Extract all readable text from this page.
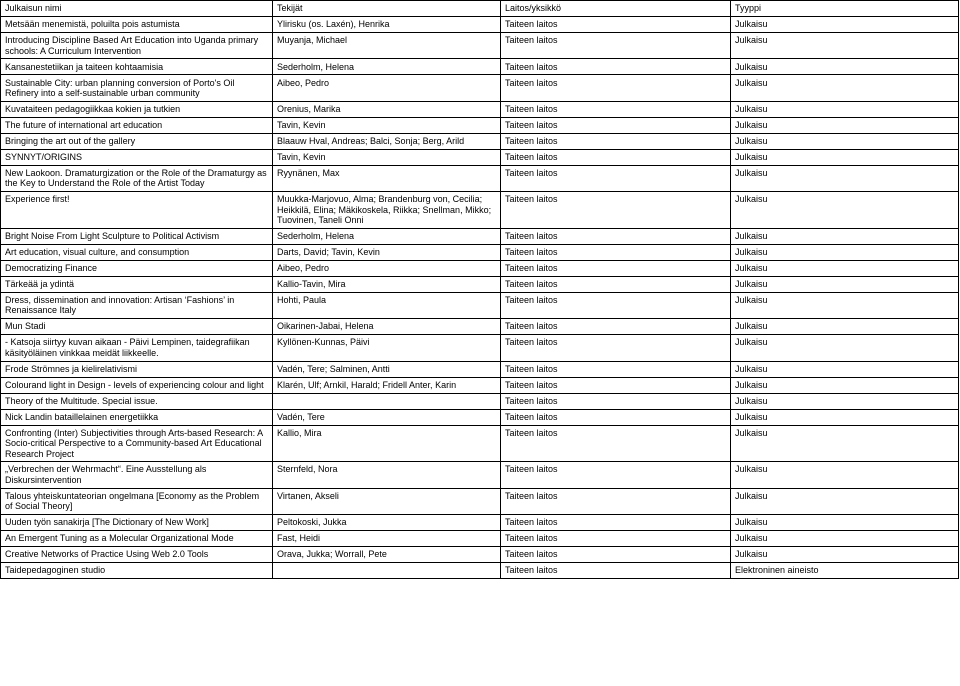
Julkaisun nimi	Tekijät	Laitos/yksikkö	Tyyppi
Metsään menemistä, poluilta pois astumista	Ylirisku (os. Laxén), Henrika	Taiteen laitos	Julkaisu
Introducing Discipline Based Art Education into Uganda primary schools: A Curriculum Intervention	Muyanja, Michael	Taiteen laitos	Julkaisu
Kansanestetiikan ja taiteen kohtaamisia	Sederholm, Helena	Taiteen laitos	Julkaisu
Sustainable City: urban planning conversion of Porto's Oil Refinery into a self-sustainable urban community	Aibeo, Pedro	Taiteen laitos	Julkaisu
Kuvataiteen pedagogiikkaa kokien ja tutkien	Orenius, Marika	Taiteen laitos	Julkaisu
The future of international art education	Tavin, Kevin	Taiteen laitos	Julkaisu
Bringing the art out of the gallery	Blaauw Hval, Andreas; Balci, Sonja; Berg, Arild	Taiteen laitos	Julkaisu
SYNNYT/ORIGINS	Tavin, Kevin	Taiteen laitos	Julkaisu
New Laokoon. Dramaturgization or the Role of the Dramaturgy as the Key to Understand the Role of the Artist Today	Ryynänen, Max	Taiteen laitos	Julkaisu
Experience first!	Muukka-Marjovuo, Alma; Brandenburg von, Cecilia; Heikkilä, Elina; Mäkikoskela, Riikka; Snellman, Mikko; Tuovinen, Taneli Onni	Taiteen laitos	Julkaisu
Bright Noise From Light Sculpture to Political Activism	Sederholm, Helena	Taiteen laitos	Julkaisu
Art education, visual culture, and consumption	Darts, David; Tavin, Kevin	Taiteen laitos	Julkaisu
Democratizing Finance	Aibeo, Pedro	Taiteen laitos	Julkaisu
Tärkeää ja ydintä	Kallio-Tavin, Mira	Taiteen laitos	Julkaisu
Dress, dissemination and innovation: Artisan ‘Fashions’ in Renaissance Italy	Hohti, Paula	Taiteen laitos	Julkaisu
Mun Stadi	Oikarinen-Jabai, Helena	Taiteen laitos	Julkaisu
- Katsoja siirtyy kuvan aikaan - Päivi Lempinen, taidegrafiikan käsityöläinen vinkkaa meidät liikkeelle.	Kyllönen-Kunnas, Päivi	Taiteen laitos	Julkaisu
Frode Strömnes ja kielirelativismi	Vadén, Tere; Salminen, Antti	Taiteen laitos	Julkaisu
Colourand light in Design - levels of experiencing colour and light	Klarén, Ulf; Arnkil, Harald; Fridell Anter, Karin	Taiteen laitos	Julkaisu
Theory of the Multitude. Special issue.		Taiteen laitos	Julkaisu
Nick Landin bataillelainen energetiikka	Vadén, Tere	Taiteen laitos	Julkaisu
Confronting (Inter) Subjectivities through Arts-based Research: A Socio-critical Perspective to a Community-based Art Educational Research Project	Kallio, Mira	Taiteen laitos	Julkaisu
„Verbrechen der Wehrmacht“. Eine Ausstellung als Diskursintervention	Sternfeld, Nora	Taiteen laitos	Julkaisu
Talous yhteiskuntateorian ongelmana [Economy as the Problem of Social Theory]	Virtanen, Akseli	Taiteen laitos	Julkaisu
Uuden työn sanakirja [The Dictionary of New Work]	Peltokoski, Jukka	Taiteen laitos	Julkaisu
An Emergent Tuning as a Molecular Organizational Mode	Fast, Heidi	Taiteen laitos	Julkaisu
Creative Networks of Practice Using Web 2.0 Tools	Orava, Jukka; Worrall, Pete	Taiteen laitos	Julkaisu
Taidepedagoginen studio		Taiteen laitos	Elektroninen aineisto
